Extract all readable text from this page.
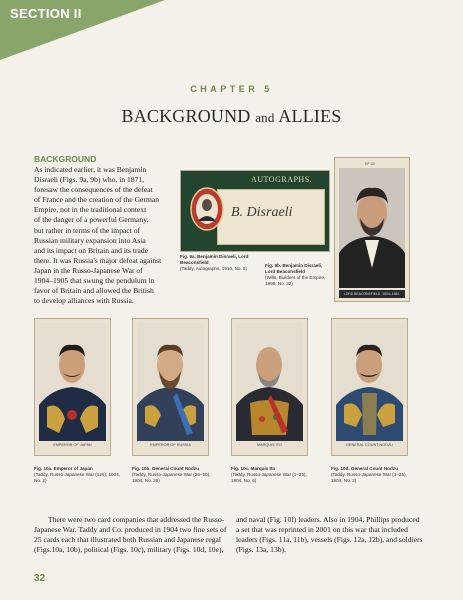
SECTION II
CHAPTER 5
BACKGROUND and ALLIES
BACKGROUND
As indicated earlier, it was Benjamin
Disraeli (Figs. 9a, 9b) who, in 1871,
foresaw the consequences of the defeat
of France and the creation of the German
Empire, not in the traditional context
of the danger of a powerful Germany,
but rather in terms of the impact of
Russian military expansion into Asia
and its impact on Britain and its trade
there. It was Russia's major defeat against
Japan in the Russo-Japanese War of
1904–1905 that swung the pendulum in
favor of Britain and allowed the British
to develop alliances with Russia.
AUTOGRAPHS.
B. Disraeli
Fig. 9a. Benjamin Disraeli, Lord Beaconsfield
(Taddy, Autographs, 1910, No. 5)
Nº 32
LORD BEACONSFIELD. 1804–1881.
Fig. 9b. Benjamin Disraeli, Lord Beaconsfield
(Wills, Builders of the Empire, 1898, No. 32)
EMPEROR OF JAPAN	EMPEROR OF RUSSIA	MARQUIS ITO	GENERAL COUNT NODZU
Fig. 10a. Emperor of Japan
(Taddy, Russo-Japanese War (125), 1904, No. 2)
Fig. 10b. General Count Nodzu
(Taddy, Russo-Japanese War (26–50), 1904, No. 26)
Fig. 10c. Marquis Ito
(Taddy, Russo-Japanese War (1–25), 1904, No. 6)
Fig. 10d. General Count Nodzu
(Taddy, Russo-Japanese War (1–25), 1904, No. 2)
There were two card companies that addressed the Russo-
Japanese War. Taddy and Co. produced in 1904 two fine sets of
25 cards each that illustrated both Russian and Japanese regal
(Figs.10a, 10b), political (Figs. 10c), military (Figs. 10d, 10e),
and naval (Fig. 10f) leaders. Also in 1904, Phillips produced
a set that was reprinted in 2001 on this war that included
leaders (Figs. 11a, 11b), vessels (Figs. 12a, 12b), and soldiers
(Figs. 13a, 13b).
32
